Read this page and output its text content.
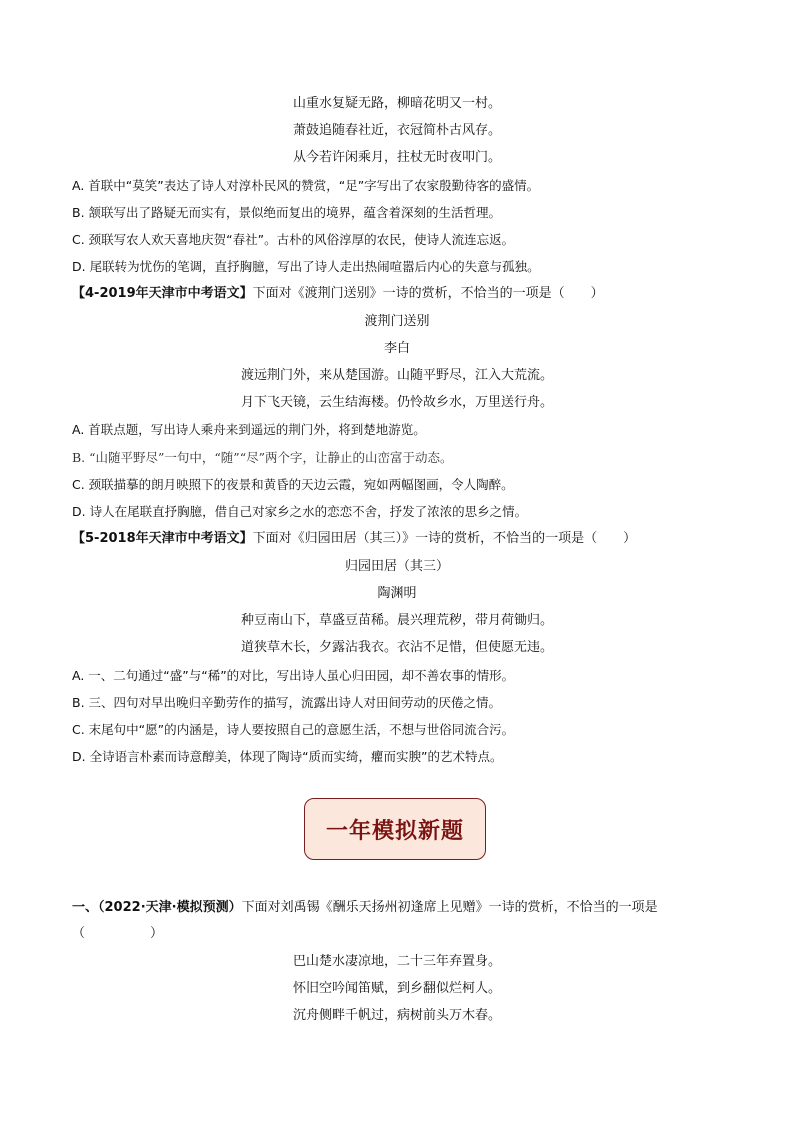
山重水复疑无路，柳暗花明又一村。
萧鼓追随春社近，衣冠简朴古风存。
从今若许闲乘月，拄杖无时夜叩门。
A. 首联中“莫笑”表达了诗人对淳朴民风的赞赏，“足”字写出了农家殷勤待客的盛情。
B. 颔联写出了路疑无而实有，景似绝而复出的境界，蕴含着深刻的生活哲理。
C. 颈联写农人欢天喜地庆贺“春社”。古朴的风俗淳厚的农民，使诗人流连忘返。
D. 尾联转为忧伤的笔调，直抒胸臆，写出了诗人走出热闹喧嚣后内心的失意与孤独。
【4-2019年天津市中考语文】下面对《渡荆门送别》一诗的赏析，不恰当的一项是（　　）
渡荆门送别
李白
渡远荆门外，来从楚国游。山随平野尽，江入大荒流。
月下飞天镜，云生结海楼。仍怜故乡水，万里送行舟。
A. 首联点题，写出诗人乘舟来到遥远的荆门外，将到楚地游览。
B. “山随平野尽”一句中，“随”“尽”两个字，让静止的山峦富于动态。
C. 颈联描摹的朗月映照下的夜景和黄昏的天边云霞，宛如两幅图画，令人陶醉。
D. 诗人在尾联直抒胸臆，借自己对家乡之水的恋恋不舍，抒发了浓浓的思乡之情。
【5-2018年天津市中考语文】下面对《归园田居（其三）》一诗的赏析，不恰当的一项是（　　）
归园田居（其三）
陶渊明
种豆南山下，草盛豆苗稀。晨兴理荒秽，带月荷锄归。
道狭草木长，夕露沾我衣。衣沾不足惜，但使愿无违。
A. 一、二句通过“盛”与“稀”的对比，写出诗人虽心归田园，却不善农事的情形。
B. 三、四句对早出晚归辛勤劳作的描写，流露出诗人对田间劳动的厌倦之情。
C. 末尾句中“愿”的内涵是，诗人要按照自己的意愿生活，不想与世俗同流合污。
D. 全诗语言朴素而诗意醇美，体现了陶诗“质而实绮，癯而实腴”的艺术特点。
一年模拟新题
一、（2022·天津·模拟预测）下面对刘禹锡《酬乐天扬州初逢席上见赠》一诗的赏析，不恰当的一项是
（　　　　　）
巴山楚水凄凉地，二十三年弃置身。
怀旧空吟闻笛赋，到乡翻似烂柯人。
沉舟侧畔千帆过，病树前头万木春。
